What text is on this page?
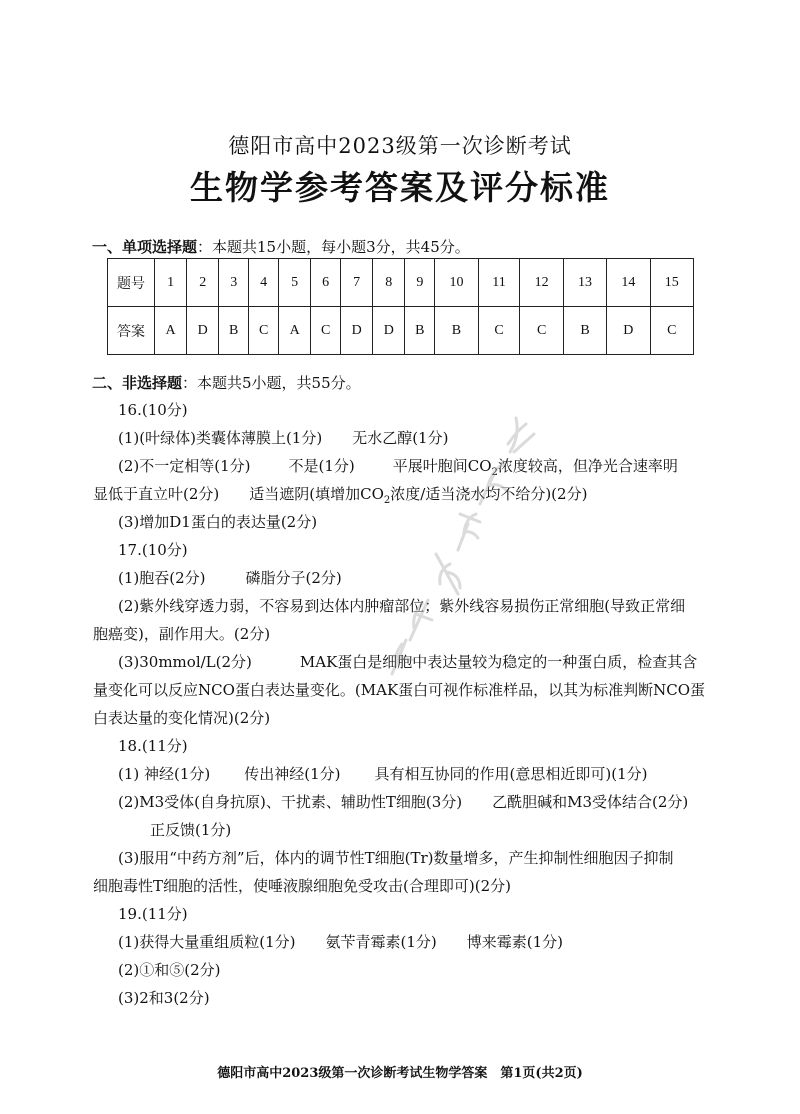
德阳市高中2023级第一次诊断考试
生物学参考答案及评分标准
一、单项选择题：本题共15小题，每小题3分，共45分。
题号	1	2	3	4	5	6	7	8	9	10	11	12	13	14	15
答案	A	D	B	C	A	C	D	D	B	B	C	C	B	D	C
二、非选择题：本题共5小题，共55分。
16.(10分)
(1)(叶绿体)类囊体薄膜上(1分) 无水乙醇(1分)
(2)不一定相等(1分)	不是(1分)	平展叶胞间$CO_2$浓度较高，但净光合速率明
显低于直立叶(2分) 适当遮阴(填增加$CO_2$浓度/适当浇水均不给分)(2分)
(3)增加D1蛋白的表达量(2分)
17.(10分)
(1)胞吞(2分)	磷脂分子(2分)
(2)紫外线穿透力弱，不容易到达体内肿瘤部位；紫外线容易损伤正常细胞(导致正常细
胞癌变)，副作用大。(2分)
(3)30mmol/L(2分)	MAK蛋白是细胞中表达量较为稳定的一种蛋白质，检查其含
量变化可以反应NCO蛋白表达量变化。(MAK蛋白可视作标准样品，以其为标准判断NCO蛋
白表达量的变化情况)(2分)
18.(11分)
(1) 神经(1分) 传出神经(1分) 具有相互协同的作用(意思相近即可)(1分)
(2)M3受体(自身抗原)、干扰素、辅助性T细胞(3分) 乙酰胆碱和M3受体结合(2分)
正反馈(1分)
(3)服用“中药方剂”后，体内的调节性T细胞(Tr)数量增多，产生抑制性细胞因子抑制
细胞毒性T细胞的活性，使唾液腺细胞免受攻击(合理即可)(2分)
19.(11分)
(1)获得大量重组质粒(1分) 氨苄青霉素(1分) 博来霉素(1分)
(2)①和⑤(2分)
(3)2和3(2分)
德阳市高中2023级第一次诊断考试生物学答案　第1页(共2页)
